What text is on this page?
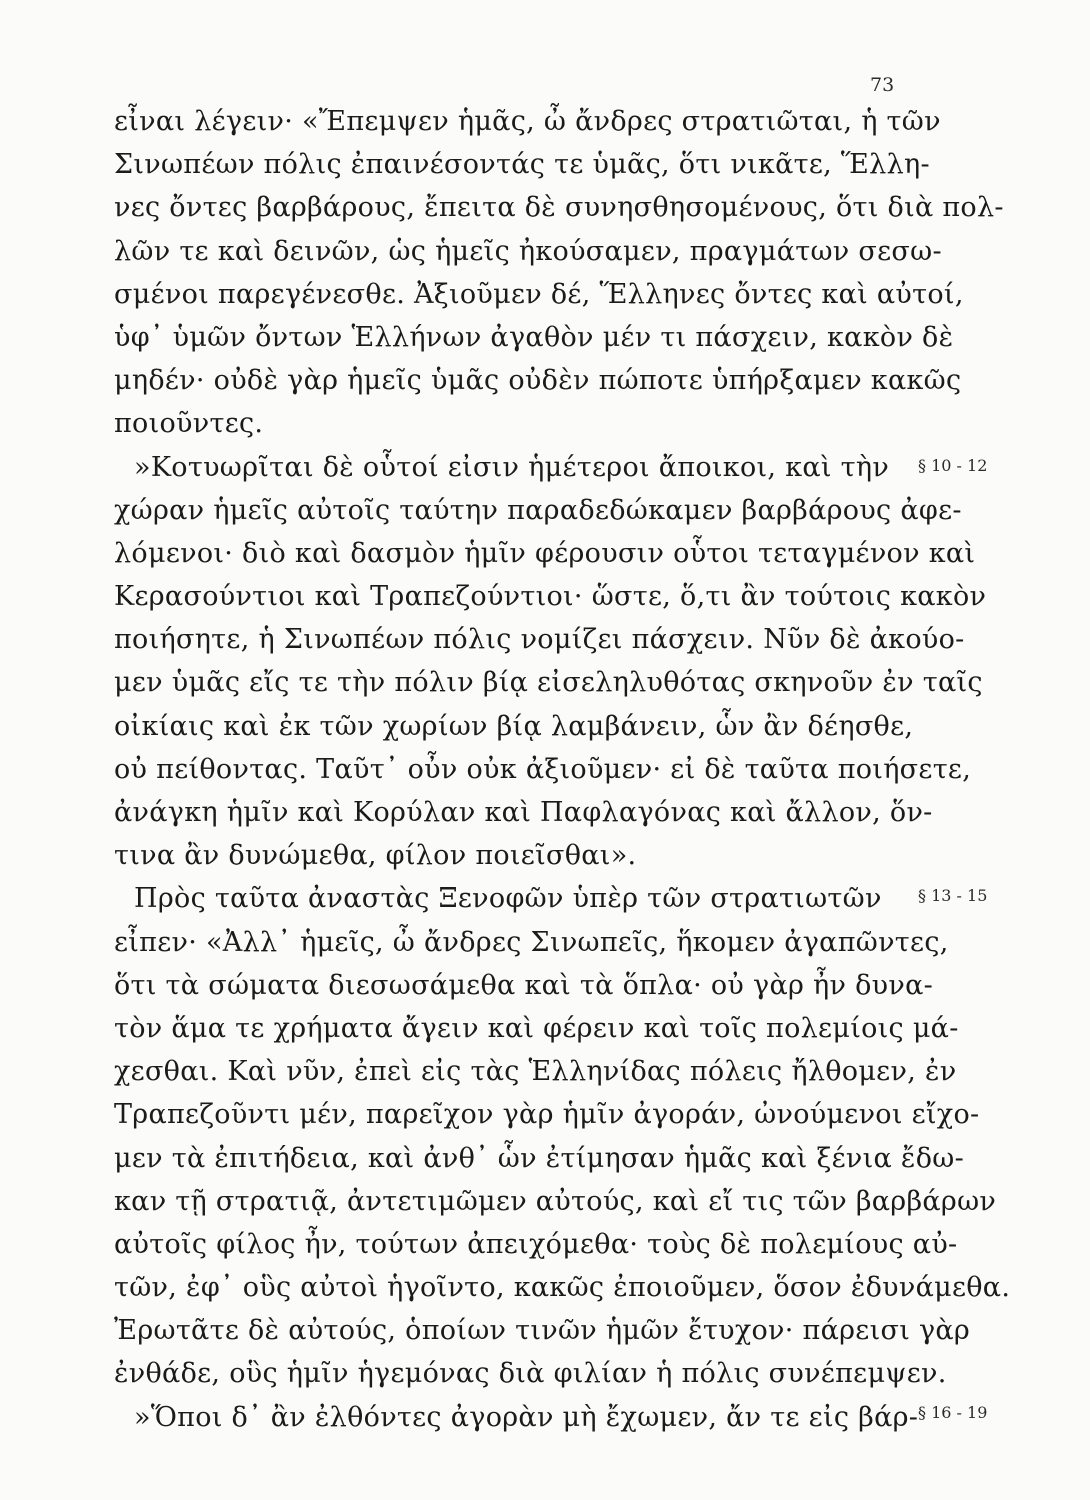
73
εἶναι λέγειν· «Ἔπεμψεν ἡμᾶς, ὦ ἄνδρες στρατιῶται, ἡ τῶν
Σινωπέων πόλις ἐπαινέσοντάς τε ὑμᾶς, ὅτι νικᾶτε, Ἕλλη-
νες ὄντες βαρβάρους, ἔπειτα δὲ συνησθησομένους, ὅτι διὰ πολ-
λῶν τε καὶ δεινῶν, ὡς ἡμεῖς ἠκούσαμεν, πραγμάτων σεσω-
σμένοι παρεγένεσθε. Ἀξιοῦμεν δέ, Ἕλληνες ὄντες καὶ αὐτοί,
ὑφ᾽ ὑμῶν ὄντων Ἑλλήνων ἀγαθὸν μέν τι πάσχειν, κακὸν δὲ
μηδέν· οὐδὲ γὰρ ἡμεῖς ὑμᾶς οὐδὲν πώποτε ὑπήρξαμεν κακῶς
ποιοῦντες.
»Κοτυωρῖται δὲ οὗτοί εἰσιν ἡμέτεροι ἄποικοι, καὶ τὴν
χώραν ἡμεῖς αὐτοῖς ταύτην παραδεδώκαμεν βαρβάρους ἀφε-
λόμενοι· διὸ καὶ δασμὸν ἡμῖν φέρουσιν οὗτοι τεταγμένον καὶ
Κερασούντιοι καὶ Τραπεζούντιοι· ὥστε, ὅ,τι ἂν τούτοις κακὸν
ποιήσητε, ἡ Σινωπέων πόλις νομίζει πάσχειν. Νῦν δὲ ἀκούο-
μεν ὑμᾶς εἴς τε τὴν πόλιν βίᾳ εἰσεληλυθότας σκηνοῦν ἐν ταῖς
οἰκίαις καὶ ἐκ τῶν χωρίων βίᾳ λαμβάνειν, ὧν ἂν δέησθε,
οὐ πείθοντας. Ταῦτ᾽ οὖν οὐκ ἀξιοῦμεν· εἰ δὲ ταῦτα ποιήσετε,
ἀνάγκη ἡμῖν καὶ Κορύλαν καὶ Παφλαγόνας καὶ ἄλλον, ὅν-
τινα ἂν δυνώμεθα, φίλον ποιεῖσθαι».
Πρὸς ταῦτα ἀναστὰς Ξενοφῶν ὑπὲρ τῶν στρατιωτῶν
εἶπεν· «Ἀλλ᾽ ἡμεῖς, ὦ ἄνδρες Σινωπεῖς, ἥκομεν ἀγαπῶντες,
ὅτι τὰ σώματα διεσωσάμεθα καὶ τὰ ὅπλα· οὐ γὰρ ἦν δυνα-
τὸν ἅμα τε χρήματα ἄγειν καὶ φέρειν καὶ τοῖς πολεμίοις μά-
χεσθαι. Καὶ νῦν, ἐπεὶ εἰς τὰς Ἑλληνίδας πόλεις ἤλθομεν, ἐν
Τραπεζοῦντι μέν, παρεῖχον γὰρ ἡμῖν ἀγοράν, ὠνούμενοι εἴχο-
μεν τὰ ἐπιτήδεια, καὶ ἀνθ᾽ ὧν ἐτίμησαν ἡμᾶς καὶ ξένια ἔδω-
καν τῇ στρατιᾷ, ἀντετιμῶμεν αὐτούς, καὶ εἴ τις τῶν βαρβάρων
αὐτοῖς φίλος ἦν, τούτων ἀπειχόμεθα· τοὺς δὲ πολεμίους αὐ-
τῶν, ἐφ᾽ οὓς αὐτοὶ ἡγοῖντο, κακῶς ἐποιοῦμεν, ὅσον ἐδυνάμεθα.
Ἐρωτᾶτε δὲ αὐτούς, ὁποίων τινῶν ἡμῶν ἔτυχον· πάρεισι γὰρ
ἐνθάδε, οὓς ἡμῖν ἡγεμόνας διὰ φιλίαν ἡ πόλις συνέπεμψεν.
»Ὅποι δ᾽ ἂν ἐλθόντες ἀγορὰν μὴ ἔχωμεν, ἄν τε εἰς βάρ-
§ 10 - 12
§ 13 - 15
§ 16 - 19
